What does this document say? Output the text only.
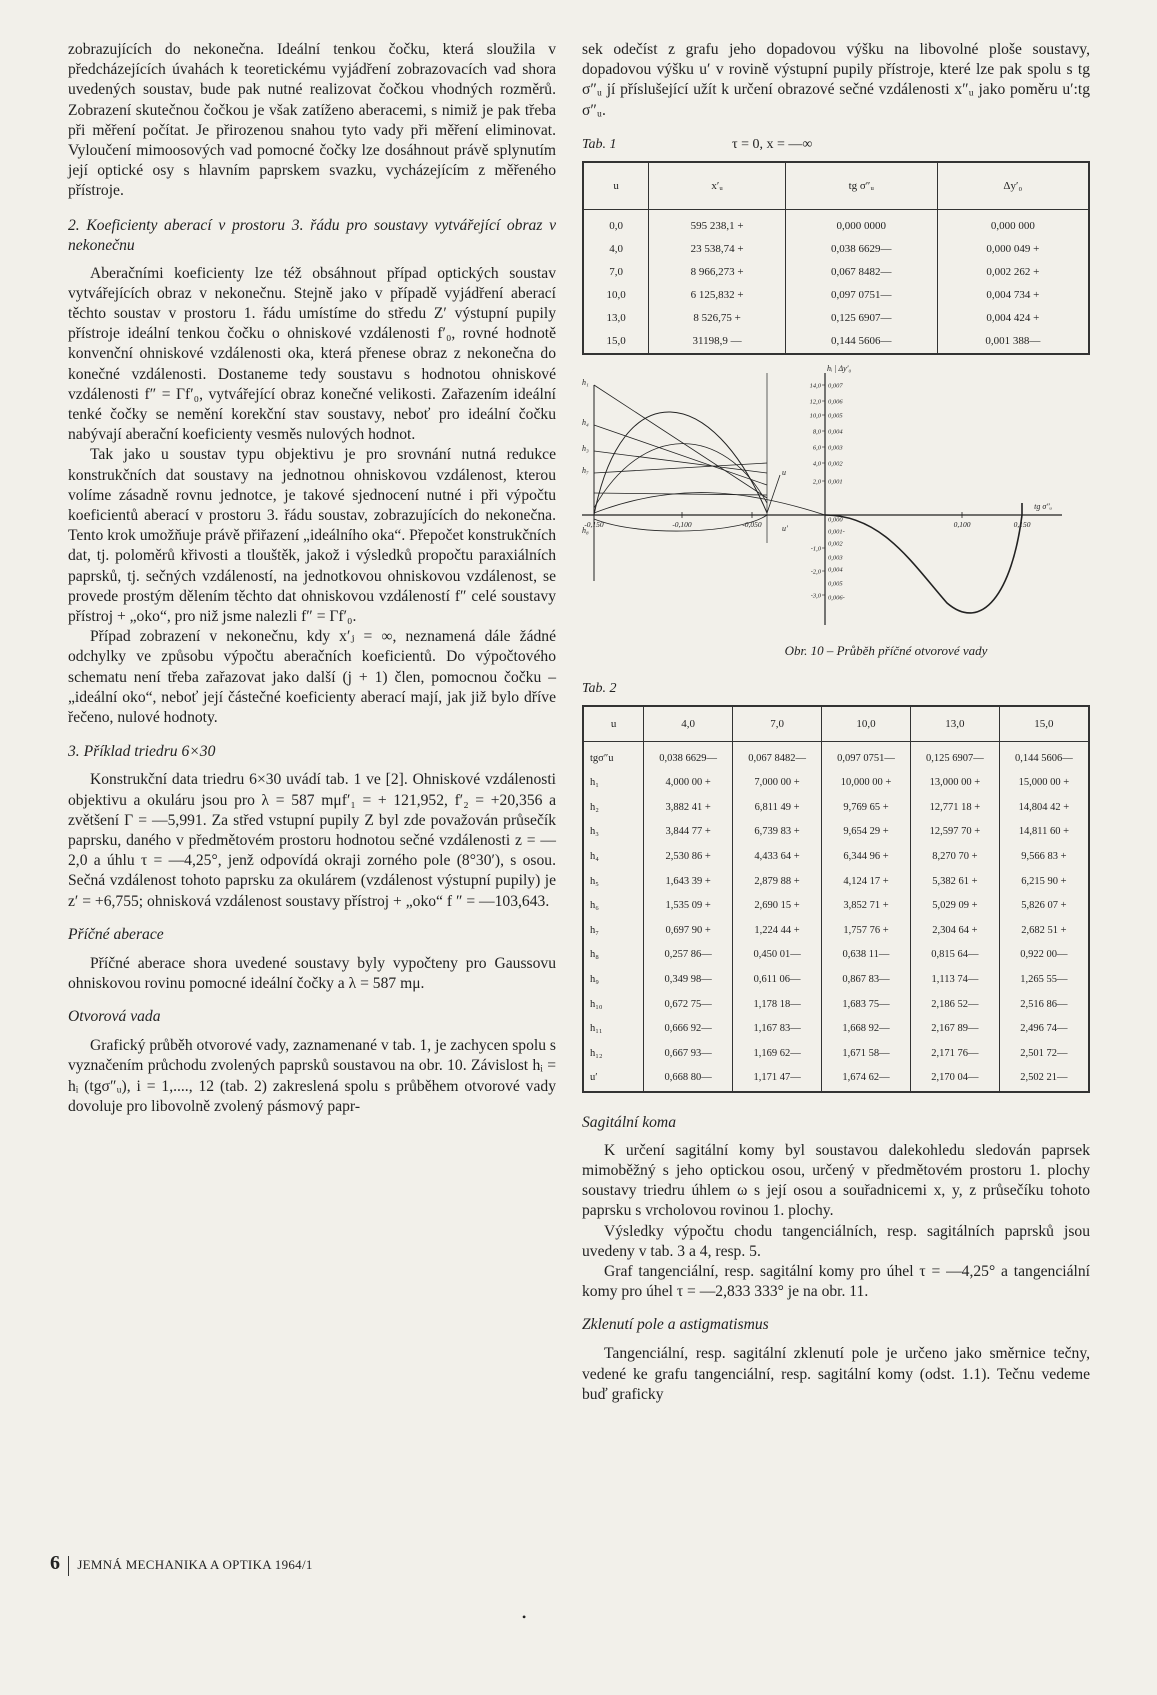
zobrazujících do nekonečna. Ideální tenkou čočku, která sloužila v předcházejících úvahách k teoretickému vyjádření zobrazovacích vad shora uvedených soustav, bude pak nutné realizovat čočkou vhodných rozměrů. Zobrazení skutečnou čočkou je však zatíženo aberacemi, s nimiž je pak třeba při měření počítat. Je přirozenou snahou tyto vady při měření eliminovat. Vyloučení mimoosových vad pomocné čočky lze dosáhnout právě splynutím její optické osy s hlavním paprskem svazku, vycházejícím z měřeného přístroje.

2. Koeficienty aberací v prostoru 3. řádu pro soustavy vytvářející obraz v nekonečnu

Aberačními koeficienty lze též obsáhnout případ optických soustav vytvářejících obraz v nekonečnu. Stejně jako v případě vyjádření aberací těchto soustav v prostoru 1. řádu umístíme do středu Z′ výstupní pupily přístroje ideální tenkou čočku o ohniskové vzdálenosti f′₀, rovné hodnotě konvenční ohniskové vzdálenosti oka, která přenese obraz z nekonečna do konečné vzdálenosti. Dostaneme tedy soustavu s hodnotou ohniskové vzdálenosti f″ = Γf′₀, vytvářející obraz konečné velikosti. Zařazením ideální tenké čočky se nemění korekční stav soustavy, neboť pro ideální čočku nabývají aberační koeficienty vesměs nulových hodnot.

Tak jako u soustav typu objektivu je pro srovnání nutná redukce konstrukčních dat soustavy na jednotnou ohniskovou vzdálenost, kterou volíme zásadně rovnu jednotce, je takové sjednocení nutné i při výpočtu koeficientů aberací v prostoru 3. řádu soustav, zobrazujících do nekonečna. Tento krok umožňuje právě přiřazení „ideálního oka“. Přepočet konstrukčních dat, tj. poloměrů křivosti a tlouštěk, jakož i výsledků propočtu paraxiálních paprsků, tj. sečných vzdáleností, na jednotkovou ohniskovou vzdálenost, se provede prostým dělením těchto dat ohniskovou vzdáleností f″ celé soustavy přístroj + „oko“, pro niž jsme nalezli f″ = Γf′₀.

Případ zobrazení v nekonečnu, kdy x′ⱼ = ∞, neznamená dále žádné odchylky ve způsobu výpočtu aberačních koeficientů. Do výpočtového schematu není třeba zařazovat jako další (j + 1) člen, pomocnou čočku – „ideální oko“, neboť její částečné koeficienty aberací mají, jak již bylo dříve řečeno, nulové hodnoty.

3. Příklad triedru 6×30

Konstrukční data triedru 6×30 uvádí tab. 1 ve [2]. Ohniskové vzdálenosti objektivu a okuláru jsou pro λ = 587 mμf′₁ = + 121,952, f′₂ = +20,356 a zvětšení Γ = —5,991. Za střed vstupní pupily Z byl zde považován průsečík paprsku, daného v předmětovém prostoru hodnotou sečné vzdálenosti z = — 2,0 a úhlu τ = —4,25°, jenž odpovídá okraji zorného pole (8°30′), s osou. Sečná vzdálenost tohoto paprsku za okulárem (vzdálenost výstupní pupily) je z′ = +6,755; ohnisková vzdálenost soustavy přístroj + „oko“ f ″ = —103,643.

Příčné aberace

Příčné aberace shora uvedené soustavy byly vypočteny pro Gaussovu ohniskovou rovinu pomocné ideální čočky a λ = 587 mμ.

Otvorová vada

Grafický průběh otvorové vady, zaznamenané v tab. 1, je zachycen spolu s vyznačením průchodu zvolených paprsků soustavou na obr. 10. Závislost hᵢ = hᵢ (tgσ″ᵤ), i = 1,...., 12 (tab. 2) zakreslená spolu s průběhem otvorové vady dovoluje pro libovolně zvolený pásmový papr-

sek odečíst z grafu jeho dopadovou výšku na libovolné ploše soustavy, dopadovou výšku u′ v rovině výstupní pupily přístroje, které lze pak spolu s tg σ″ᵤ jí příslušející užít k určení obrazové sečné vzdálenosti x″ᵤ jako poměru u′:tg σ″ᵤ.

Tab. 1	τ = 0, x = —∞
u	x′ᵤ	tg σ″ᵤ	Δy′₀
0,0	595 238,1 +	0,000 0000	0,000 000
4,0	23 538,74 +	0,038 6629—	0,000 049 +
7,0	8 966,273 +	0,067 8482—	0,002 262 +
10,0	6 125,832 +	0,097 0751—	0,004 734 +
13,0	8 526,75 +	0,125 6907—	0,004 424 +
15,0	31198,9 —	0,144 5606—	0,001 388—
h₁
h₄
h₃
h₇
h₈
u
u′
-0,150	-0,100	-0,050	0,100	0,150
tg σ″ᵤ
hᵢ | Δy′₀
14,0
12,0
10,0
8,0
6,0
4,0
2,0
-1,0
-2,0
-3,0
0,007
0,006
0,005
0,004
0,003
0,002
0,001
0,000
0,001-
0,002
0,003
0,004
0,005
0,006-
Obr. 10 – Průběh příčné otvorové vady
Tab. 2
u	4,0	7,0	10,0	13,0	15,0
tgσ″u	0,038 6629—	0,067 8482—	0,097 0751—	0,125 6907—	0,144 5606—
h₁	4,000 00 +	7,000 00 +	10,000 00 +	13,000 00 +	15,000 00 +
h₂	3,882 41 +	6,811 49 +	9,769 65 +	12,771 18 +	14,804 42 +
h₃	3,844 77 +	6,739 83 +	9,654 29 +	12,597 70 +	14,811 60 +
h₄	2,530 86 +	4,433 64 +	6,344 96 +	8,270 70 +	9,566 83 +
h₅	1,643 39 +	2,879 88 +	4,124 17 +	5,382 61 +	6,215 90 +
h₆	1,535 09 +	2,690 15 +	3,852 71 +	5,029 09 +	5,826 07 +
h₇	0,697 90 +	1,224 44 +	1,757 76 +	2,304 64 +	2,682 51 +
h₈	0,257 86—	0,450 01—	0,638 11—	0,815 64—	0,922 00—
h₉	0,349 98—	0,611 06—	0,867 83—	1,113 74—	1,265 55—
h₁₀	0,672 75—	1,178 18—	1,683 75—	2,186 52—	2,516 86—
h₁₁	0,666 92—	1,167 83—	1,668 92—	2,167 89—	2,496 74—
h₁₂	0,667 93—	1,169 62—	1,671 58—	2,171 76—	2,501 72—
u′	0,668 80—	1,171 47—	1,674 62—	2,170 04—	2,502 21—
Sagitální koma

K určení sagitální komy byl soustavou dalekohledu sledován paprsek mimoběžný s jeho optickou osou, určený v předmětovém prostoru 1. plochy soustavy triedru úhlem ω s její osou a souřadnicemi x, y, z průsečíku tohoto paprsku s vrcholovou rovinou 1. plochy.

Výsledky výpočtu chodu tangenciálních, resp. sagitálních paprsků jsou uvedeny v tab. 3 a 4, resp. 5.

Graf tangenciální, resp. sagitální komy pro úhel τ = —4,25° a tangenciální komy pro úhel τ = —2,833 333° je na obr. 11.

Zklenutí pole a astigmatismus

Tangenciální, resp. sagitální zklenutí pole je určeno jako směrnice tečny, vedené ke grafu tangenciální, resp. sagitální komy (odst. 1.1). Tečnu vedeme buď graficky

6 JEMNÁ MECHANIKA A OPTIKA 1964/1
•
